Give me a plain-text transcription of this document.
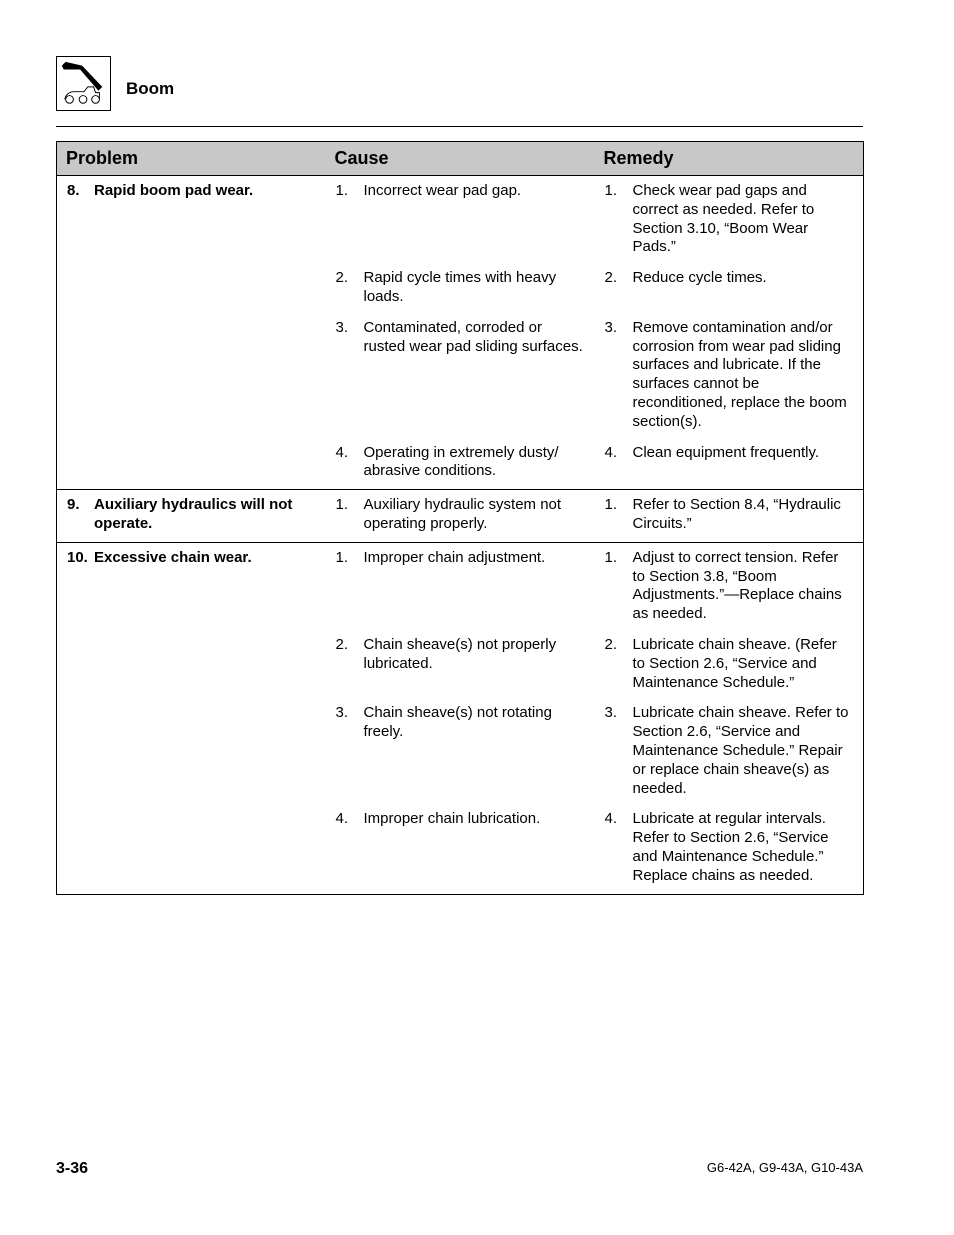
Boom
Problem	Cause	Remedy

8. Rapid boom pad wear.	1. Incorrect wear pad gap.	1. Check wear pad gaps and correct as needed. Refer to Section 3.10, “Boom Wear Pads.”

	2. Rapid cycle times with heavy loads.	2. Reduce cycle times.

	3. Contaminated, corroded or rusted wear pad sliding surfaces.	3. Remove contamination and/or corrosion from wear pad sliding surfaces and lubricate. If the surfaces cannot be reconditioned, replace the boom section(s).

	4. Operating in extremely dusty/ abrasive conditions.	4. Clean equipment frequently.

9. Auxiliary hydraulics will not operate.	1. Auxiliary hydraulic system not operating properly.	1. Refer to Section 8.4, “Hydraulic Circuits.”

10. Excessive chain wear.	1. Improper chain adjustment.	1. Adjust to correct tension. Refer to Section 3.8, “Boom Adjustments.”—Replace chains as needed.

	2. Chain sheave(s) not properly lubricated.	2. Lubricate chain sheave. (Refer to Section 2.6, “Service and Maintenance Schedule.”

	3. Chain sheave(s) not rotating freely.	3. Lubricate chain sheave. Refer to Section 2.6, “Service and Maintenance Schedule.” Repair or replace chain sheave(s) as needed.

	4. Improper chain lubrication.	4. Lubricate at regular intervals. Refer to Section 2.6, “Service and Maintenance Schedule.” Replace chains as needed.
3-36	G6-42A, G9-43A, G10-43A
